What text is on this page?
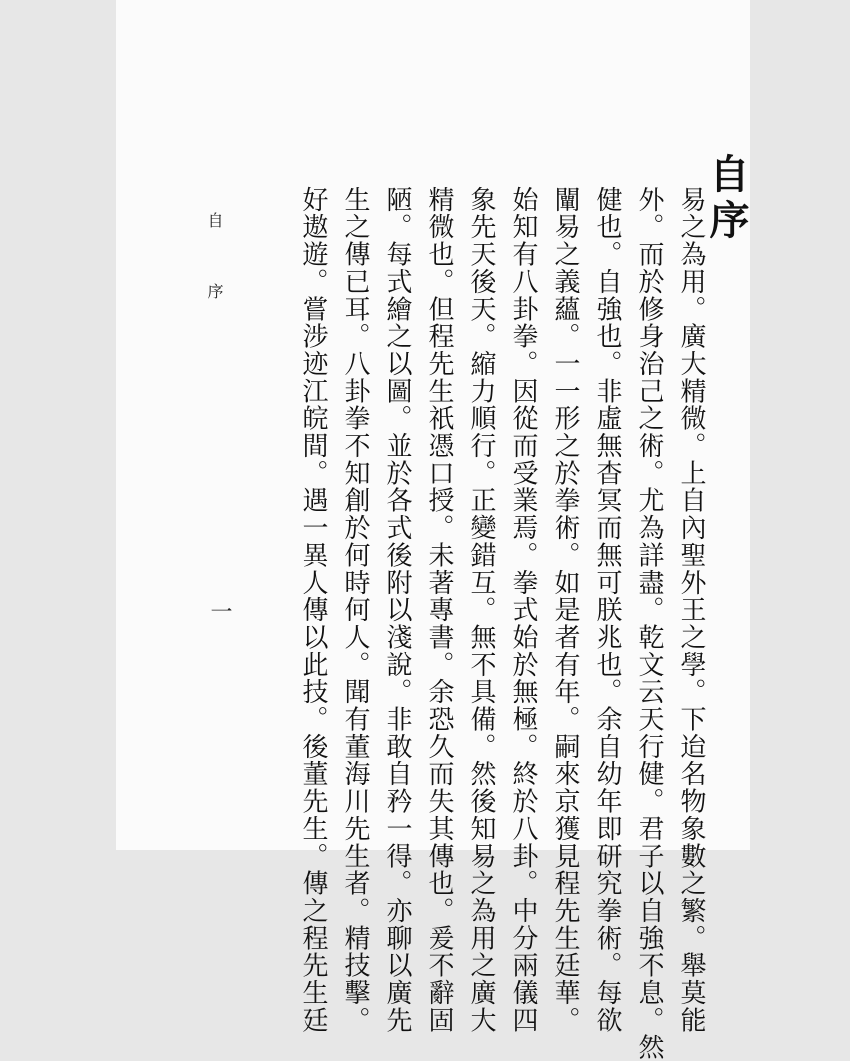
自序
易之為用。廣大精微。上自內聖外王之學。下迨名物象數之繁。舉莫能
外。而於修身治己之術。尤為詳盡。乾文云天行健。君子以自強不息。然
健也。自強也。非虛無杳冥而無可朕兆也。余自幼年即研究拳術。每欲
闡易之義蘊。一一形之於拳術。如是者有年。嗣來京獲見程先生廷華。
始知有八卦拳。因從而受業焉。拳式始於無極。終於八卦。中分兩儀四
象先天後天。縮力順行。正變錯互。無不具備。然後知易之為用之廣大
精微也。但程先生祇憑口授。未著專書。余恐久而失其傳也。爰不辭固
陋。每式繪之以圖。並於各式後附以淺說。非敢自矜一得。亦聊以廣先
生之傳已耳。八卦拳不知創於何時何人。聞有董海川先生者。精技擊。
好遨遊。嘗涉迹江皖間。遇一異人傳以此技。後董先生。傳之程先生廷
自 序
一
